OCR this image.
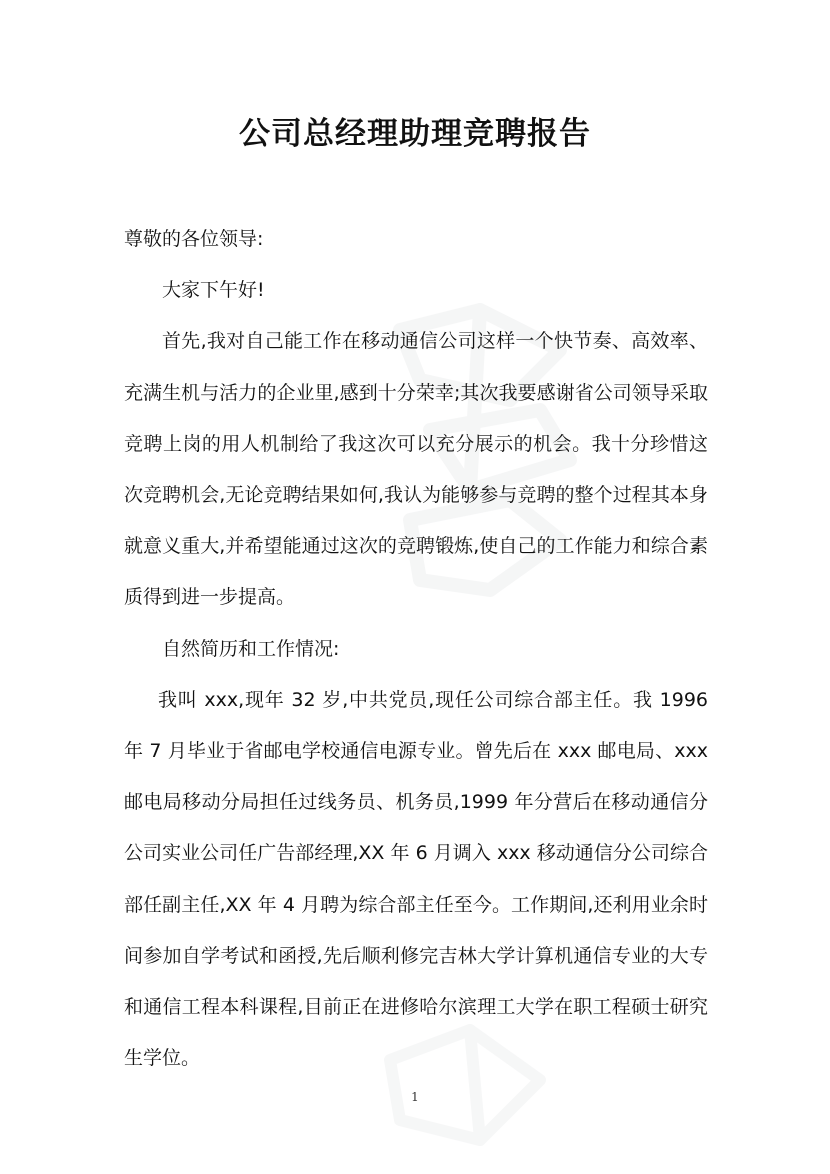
公司总经理助理竞聘报告

尊敬的各位领导:

大家下午好!

首先,我对自己能工作在移动通信公司这样一个快节奏、高效率、充满生机与活力的企业里,感到十分荣幸;其次我要感谢省公司领导采取竞聘上岗的用人机制给了我这次可以充分展示的机会。我十分珍惜这次竞聘机会,无论竞聘结果如何,我认为能够参与竞聘的整个过程其本身就意义重大,并希望能通过这次的竞聘锻炼,使自己的工作能力和综合素质得到进一步提高。

自然简历和工作情况:

我叫 xxx,现年 32 岁,中共党员,现任公司综合部主任。我 1996 年 7 月毕业于省邮电学校通信电源专业。曾先后在 xxx 邮电局、xxx 邮电局移动分局担任过线务员、机务员,1999 年分营后在移动通信分公司实业公司任广告部经理,XX 年 6 月调入 xxx 移动通信分公司综合部任副主任,XX 年 4 月聘为综合部主任至今。工作期间,还利用业余时间参加自学考试和函授,先后顺利修完吉林大学计算机通信专业的大专和通信工程本科课程,目前正在进修哈尔滨理工大学在职工程硕士研究生学位。

1
